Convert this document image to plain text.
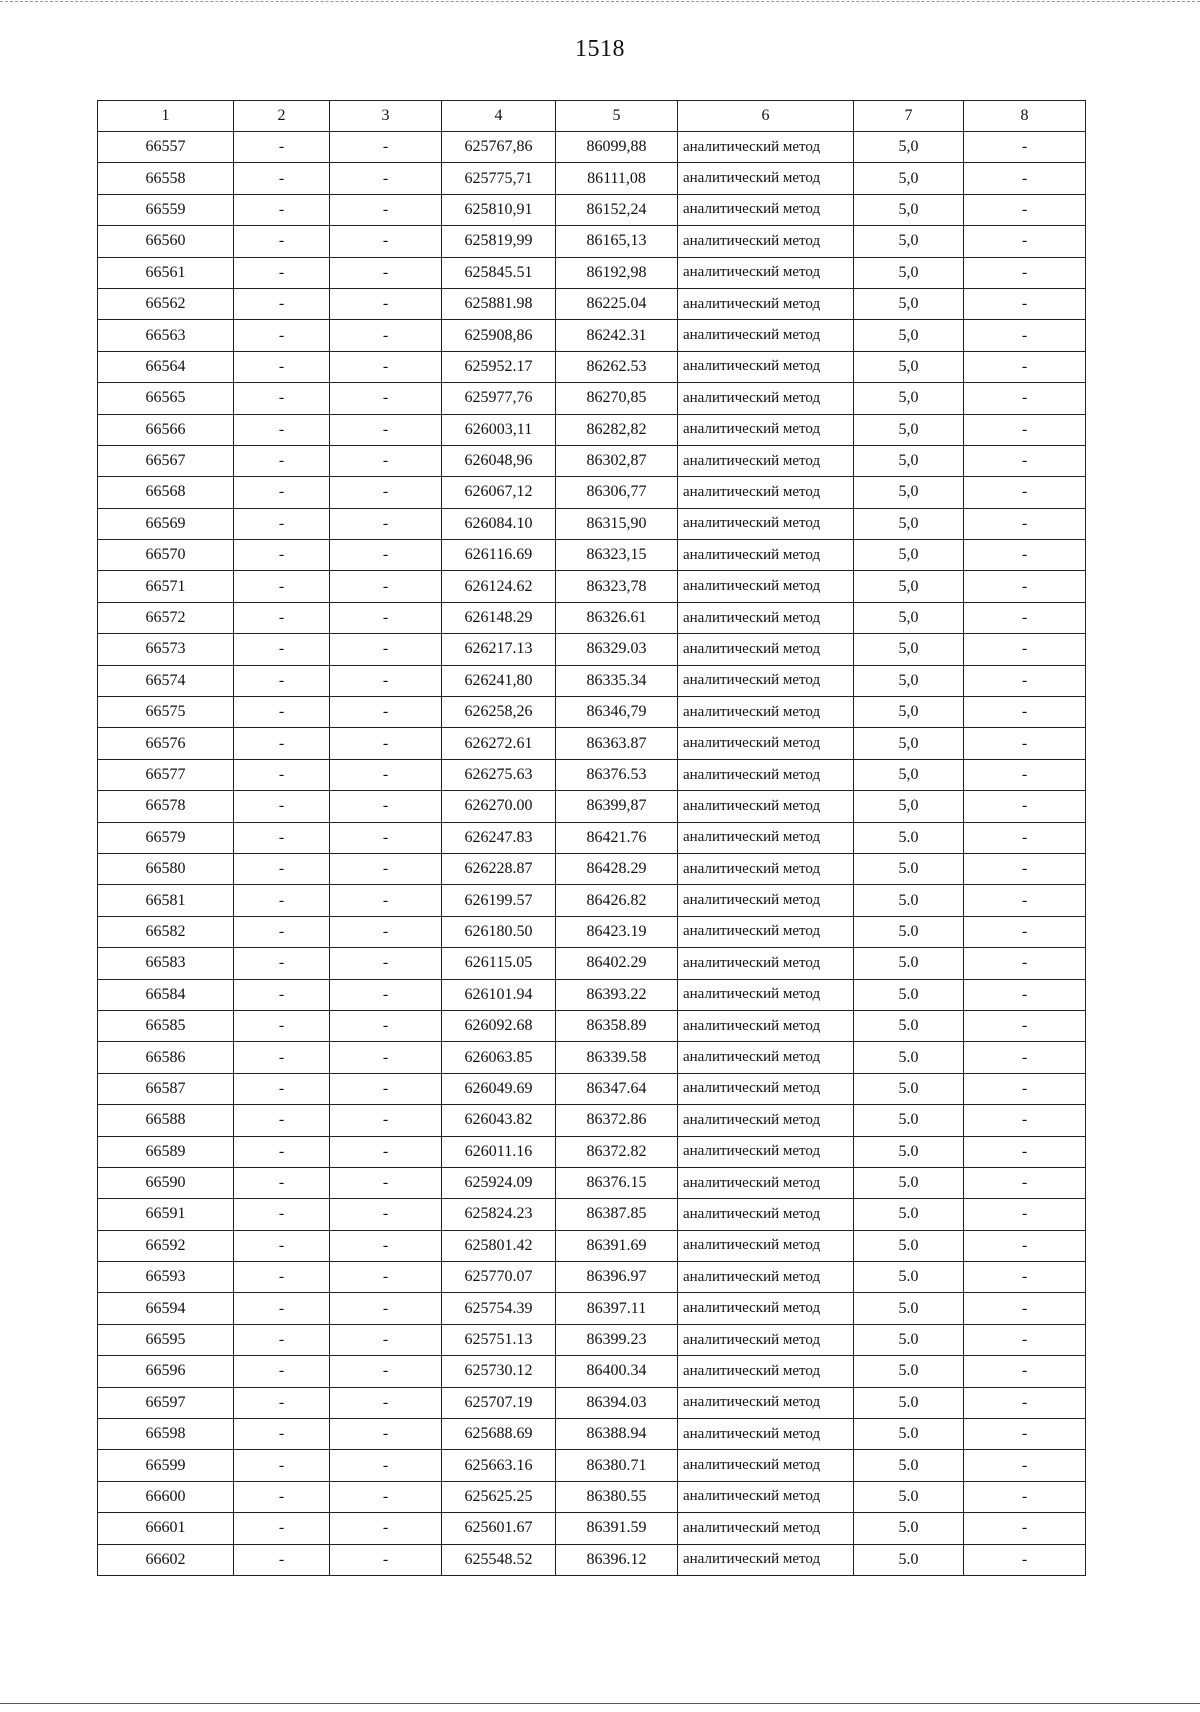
1518
1	2	3	4	5	6	7	8
66557	-	-	625767,86	86099,88	аналитический метод	5,0	-
66558	-	-	625775,71	86111,08	аналитический метод	5,0	-
66559	-	-	625810,91	86152,24	аналитический метод	5,0	-
66560	-	-	625819,99	86165,13	аналитический метод	5,0	-
66561	-	-	625845.51	86192,98	аналитический метод	5,0	-
66562	-	-	625881.98	86225.04	аналитический метод	5,0	-
66563	-	-	625908,86	86242.31	аналитический метод	5,0	-
66564	-	-	625952.17	86262.53	аналитический метод	5,0	-
66565	-	-	625977,76	86270,85	аналитический метод	5,0	-
66566	-	-	626003,11	86282,82	аналитический метод	5,0	-
66567	-	-	626048,96	86302,87	аналитический метод	5,0	-
66568	-	-	626067,12	86306,77	аналитический метод	5,0	-
66569	-	-	626084.10	86315,90	аналитический метод	5,0	-
66570	-	-	626116.69	86323,15	аналитический метод	5,0	-
66571	-	-	626124.62	86323,78	аналитический метод	5,0	-
66572	-	-	626148.29	86326.61	аналитический метод	5,0	-
66573	-	-	626217.13	86329.03	аналитический метод	5,0	-
66574	-	-	626241,80	86335.34	аналитический метод	5,0	-
66575	-	-	626258,26	86346,79	аналитический метод	5,0	-
66576	-	-	626272.61	86363.87	аналитический метод	5,0	-
66577	-	-	626275.63	86376.53	аналитический метод	5,0	-
66578	-	-	626270.00	86399,87	аналитический метод	5,0	-
66579	-	-	626247.83	86421.76	аналитический метод	5.0	-
66580	-	-	626228.87	86428.29	аналитический метод	5.0	-
66581	-	-	626199.57	86426.82	аналитический метод	5.0	-
66582	-	-	626180.50	86423.19	аналитический метод	5.0	-
66583	-	-	626115.05	86402.29	аналитический метод	5.0	-
66584	-	-	626101.94	86393.22	аналитический метод	5.0	-
66585	-	-	626092.68	86358.89	аналитический метод	5.0	-
66586	-	-	626063.85	86339.58	аналитический метод	5.0	-
66587	-	-	626049.69	86347.64	аналитический метод	5.0	-
66588	-	-	626043.82	86372.86	аналитический метод	5.0	-
66589	-	-	626011.16	86372.82	аналитический метод	5.0	-
66590	-	-	625924.09	86376.15	аналитический метод	5.0	-
66591	-	-	625824.23	86387.85	аналитический метод	5.0	-
66592	-	-	625801.42	86391.69	аналитический метод	5.0	-
66593	-	-	625770.07	86396.97	аналитический метод	5.0	-
66594	-	-	625754.39	86397.11	аналитический метод	5.0	-
66595	-	-	625751.13	86399.23	аналитический метод	5.0	-
66596	-	-	625730.12	86400.34	аналитический метод	5.0	-
66597	-	-	625707.19	86394.03	аналитический метод	5.0	-
66598	-	-	625688.69	86388.94	аналитический метод	5.0	-
66599	-	-	625663.16	86380.71	аналитический метод	5.0	-
66600	-	-	625625.25	86380.55	аналитический метод	5.0	-
66601	-	-	625601.67	86391.59	аналитический метод	5.0	-
66602	-	-	625548.52	86396.12	аналитический метод	5.0	-
